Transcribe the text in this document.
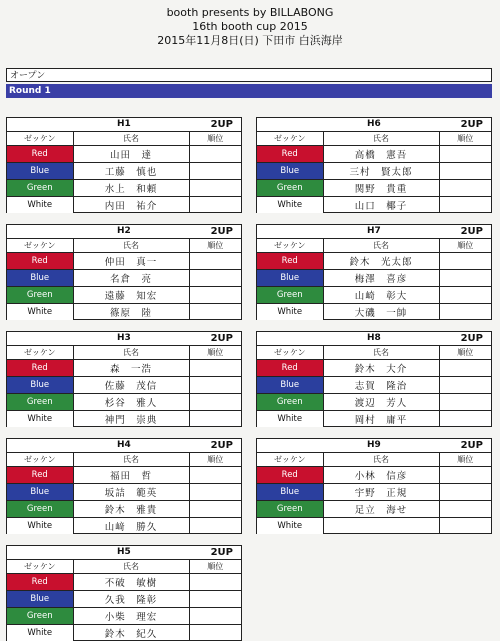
booth presents by BILLABONG
16th booth cup 2015
2015年11月8日(日) 下田市 白浜海岸
オープン
Round 1
H1	2UP
ゼッケン	氏名	順位
Red	山田　達	
Blue	工藤　慎也	
Green	水上　和頼	
White	内田　祐介	
H2	2UP
ゼッケン	氏名	順位
Red	仲田　真一	
Blue	名倉　亮	
Green	遠藤　知宏	
White	篠原　陸	
H3	2UP
ゼッケン	氏名	順位
Red	森　一浩	
Blue	佐藤　茂信	
Green	杉谷　雅人	
White	神門　崇典	
H4	2UP
ゼッケン	氏名	順位
Red	福田　哲	
Blue	坂詰　範英	
Green	鈴木　雅貴	
White	山﨑　勝久	
H5	2UP
ゼッケン	氏名	順位
Red	不破　敏樹	
Blue	久我　隆彰	
Green	小柴　理宏	
White	鈴木　紀久	
H6	2UP
ゼッケン	氏名	順位
Red	高橋　憲吾	
Blue	三村　賢太郎	
Green	関野　貴重	
White	山口　椰子	
H7	2UP
ゼッケン	氏名	順位
Red	鈴木　光太郎	
Blue	梅澤　喜彦	
Green	山崎　彰大	
White	大磯　一帥	
H8	2UP
ゼッケン	氏名	順位
Red	鈴木　大介	
Blue	志賀　隆治	
Green	渡辺　芳人	
White	岡村　庸平	
H9	2UP
ゼッケン	氏名	順位
Red	小林　信彦	
Blue	宇野　正規	
Green	足立　海せ	
White		
